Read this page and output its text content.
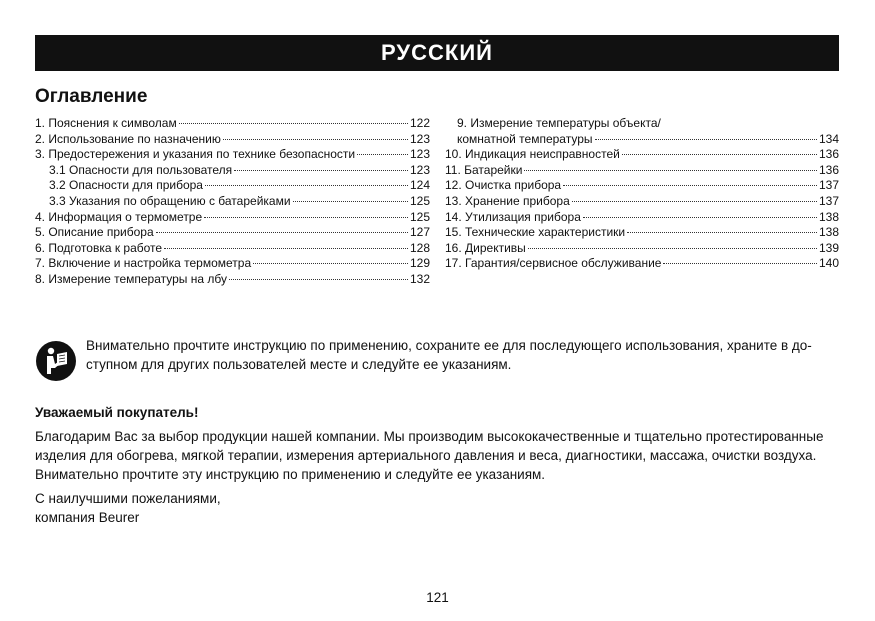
РУССКИЙ
Оглавление
1. Пояснения к символам	122
2. Использование по назначению	123
3. Предостережения и указания по технике безопасности	123
3.1 Опасности для пользователя	123
3.2 Опасности для прибора	124
3.3 Указания по обращению с батарейками	125
4. Информация о термометре	125
5. Описание прибора	127
6. Подготовка к работе	128
7. Включение и настройка термометра	129
8. Измерение температуры на лбу	132
9. Измерение температуры объекта/
комнатной температуры	134
10. Индикация неисправностей	136
11. Батарейки	136
12. Очистка прибора	137
13. Хранение прибора	137
14. Утилизация прибора	138
15. Технические характеристики	138
16. Директивы	139
17. Гарантия/сервисное обслуживание	140
Внимательно прочтите инструкцию по применению, сохраните ее для последующего использования, храните в до-ступном для других пользователей месте и следуйте ее указаниям.
Уважаемый покупатель!
Благодарим Вас за выбор продукции нашей компании. Мы производим высококачественные и тщательно протестированные изделия для обогрева, мягкой терапии, измерения артериального давления и веса, диагностики, массажа, очистки воздуха. Внимательно прочтите эту инструкцию по применению и следуйте ее указаниям.
С наилучшими пожеланиями,
компания Beurer
121
